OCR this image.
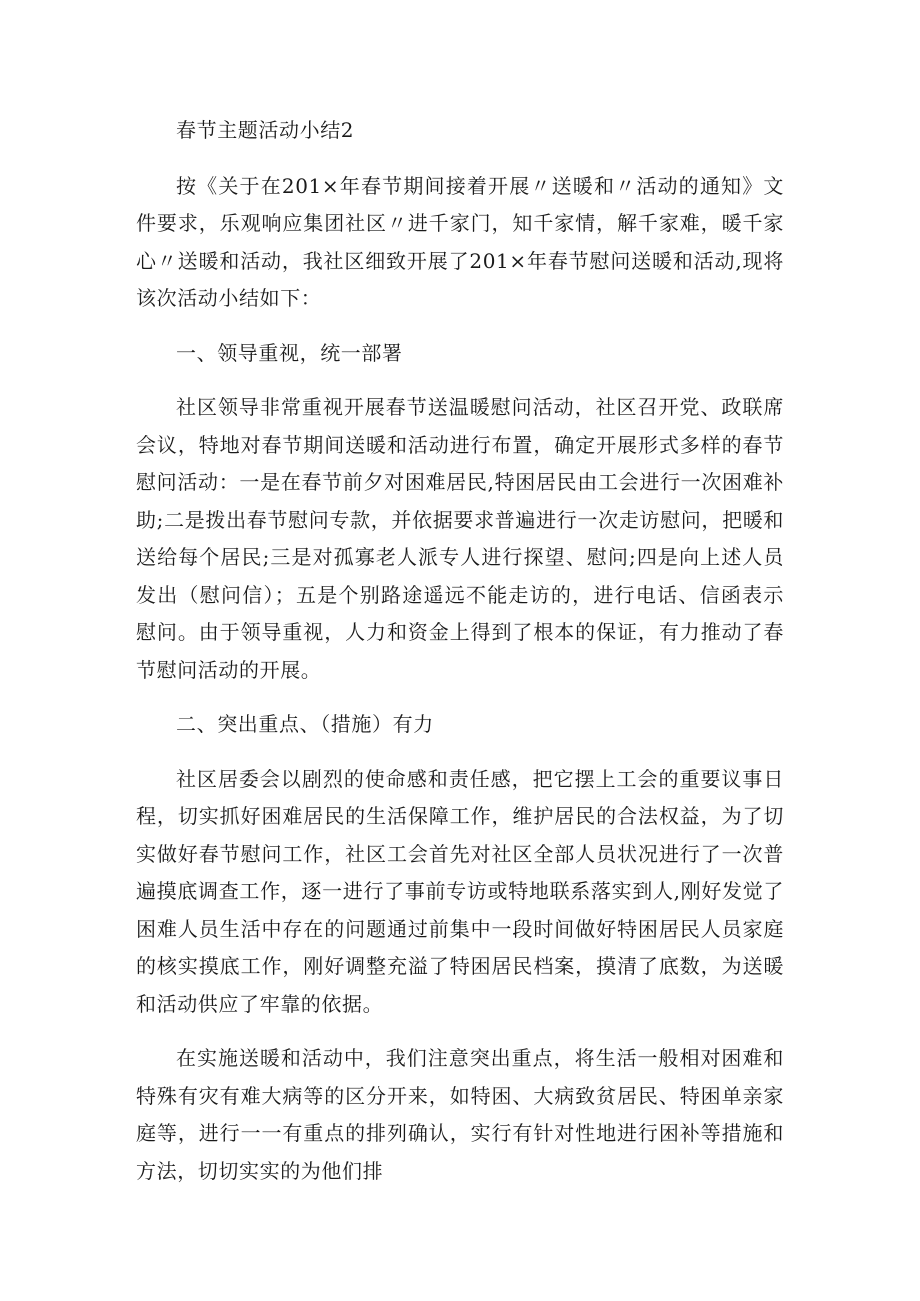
春节主题活动小结2

按《关于在201×年春节期间接着开展〃送暖和〃活动的通知》文件要求，乐观响应集团社区〃进千家门，知千家情，解千家难，暖千家心〃送暖和活动，我社区细致开展了201×年春节慰问送暖和活动,现将该次活动小结如下：

一、领导重视，统一部署

社区领导非常重视开展春节送温暖慰问活动，社区召开党、政联席会议，特地对春节期间送暖和活动进行布置，确定开展形式多样的春节慰问活动：一是在春节前夕对困难居民,特困居民由工会进行一次困难补助;二是拨出春节慰问专款，并依据要求普遍进行一次走访慰问，把暖和送给每个居民;三是对孤寡老人派专人进行探望、慰问;四是向上述人员发出（慰问信）；五是个别路途遥远不能走访的，进行电话、信函表示慰问。由于领导重视，人力和资金上得到了根本的保证，有力推动了春节慰问活动的开展。

二、突出重点、（措施）有力

社区居委会以剧烈的使命感和责任感，把它摆上工会的重要议事日程，切实抓好困难居民的生活保障工作，维护居民的合法权益，为了切实做好春节慰问工作，社区工会首先对社区全部人员状况进行了一次普遍摸底调查工作，逐一进行了事前专访或特地联系落实到人,刚好发觉了困难人员生活中存在的问题通过前集中一段时间做好特困居民人员家庭的核实摸底工作，刚好调整充溢了特困居民档案，摸清了底数，为送暖和活动供应了牢靠的依据。

在实施送暖和活动中，我们注意突出重点，将生活一般相对困难和特殊有灾有难大病等的区分开来，如特困、大病致贫居民、特困单亲家庭等，进行一一有重点的排列确认，实行有针对性地进行困补等措施和方法，切切实实的为他们排
